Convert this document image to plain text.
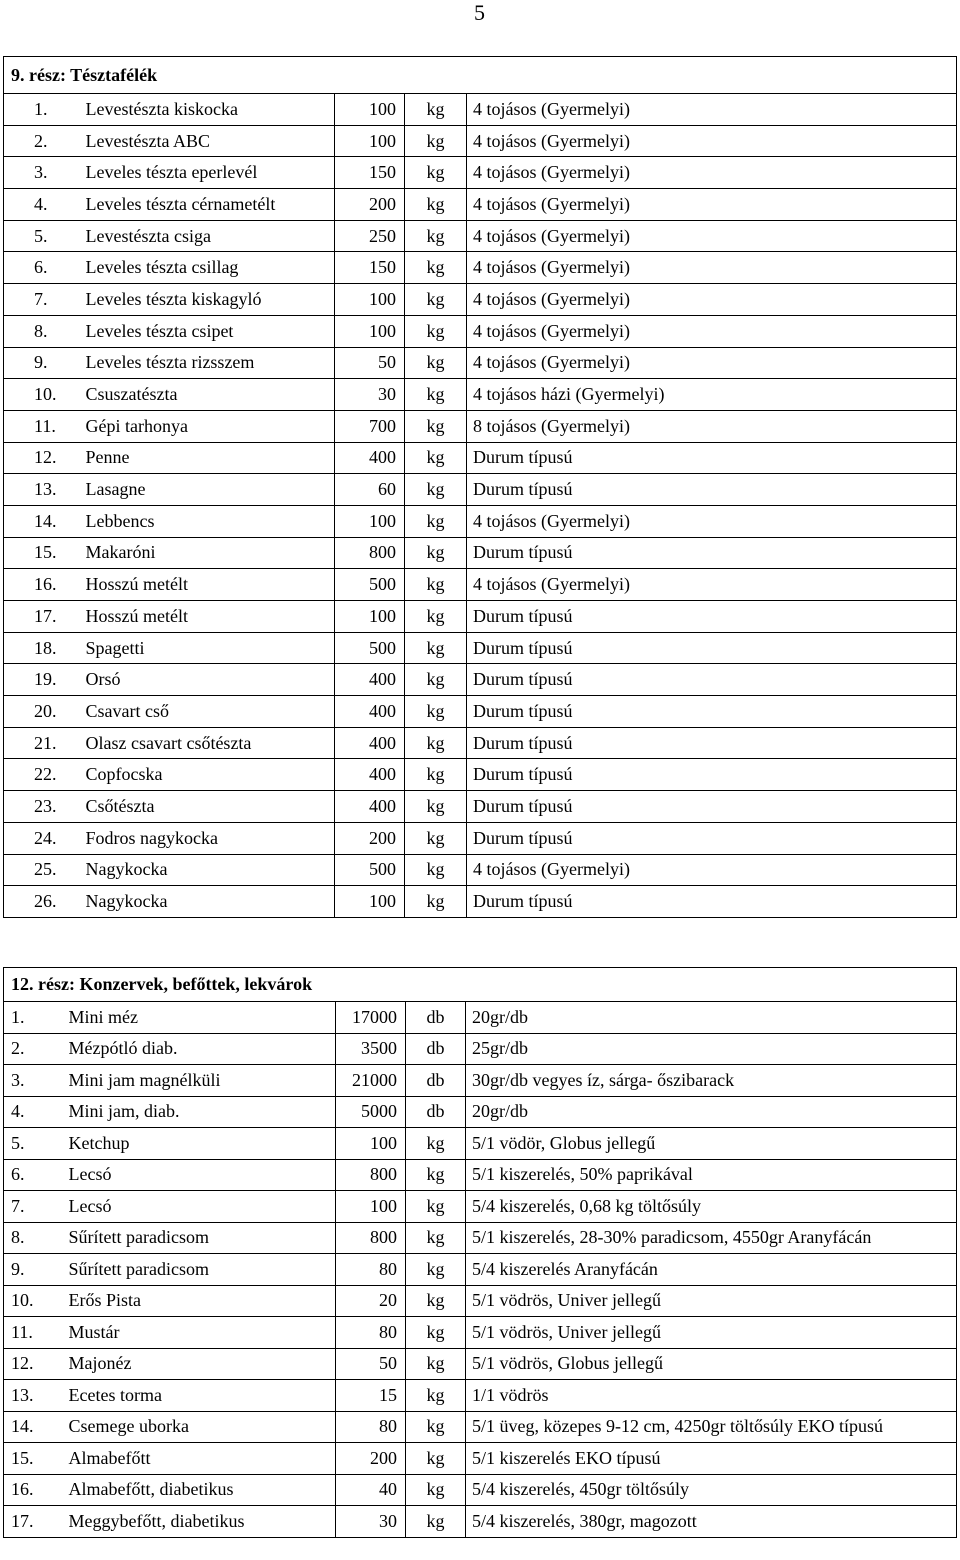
5
9. rész: Tésztafélék				
1.	Levestészta kiskocka	100	kg	4 tojásos (Gyermelyi)
2.	Levestészta ABC	100	kg	4 tojásos (Gyermelyi)
3.	Leveles tészta eperlevél	150	kg	4 tojásos (Gyermelyi)
4.	Leveles tészta cérnametélt	200	kg	4 tojásos (Gyermelyi)
5.	Levestészta csiga	250	kg	4 tojásos (Gyermelyi)
6.	Leveles tészta csillag	150	kg	4 tojásos (Gyermelyi)
7.	Leveles tészta kiskagyló	100	kg	4 tojásos (Gyermelyi)
8.	Leveles tészta csipet	100	kg	4 tojásos (Gyermelyi)
9.	Leveles tészta rizsszem	50	kg	4 tojásos (Gyermelyi)
10.	Csuszatészta	30	kg	4 tojásos házi (Gyermelyi)
11.	Gépi tarhonya	700	kg	8 tojásos (Gyermelyi)
12.	Penne	400	kg	Durum típusú
13.	Lasagne	60	kg	Durum típusú
14.	Lebbencs	100	kg	4 tojásos (Gyermelyi)
15.	Makaróni	800	kg	Durum típusú
16.	Hosszú metélt	500	kg	4 tojásos (Gyermelyi)
17.	Hosszú metélt	100	kg	Durum típusú
18.	Spagetti	500	kg	Durum típusú
19.	Orsó	400	kg	Durum típusú
20.	Csavart cső	400	kg	Durum típusú
21.	Olasz csavart csőtészta	400	kg	Durum típusú
22.	Copfocska	400	kg	Durum típusú
23.	Csőtészta	400	kg	Durum típusú
24.	Fodros nagykocka	200	kg	Durum típusú
25.	Nagykocka	500	kg	4 tojásos (Gyermelyi)
26.	Nagykocka	100	kg	Durum típusú
12. rész: Konzervek, befőttek, lekvárok				
1.	Mini méz	17000	db	20gr/db
2.	Mézpótló diab.	3500	db	25gr/db
3.	Mini jam magnélküli	21000	db	30gr/db vegyes íz, sárga- őszibarack
4.	Mini jam, diab.	5000	db	20gr/db
5.	Ketchup	100	kg	5/1 vödör, Globus jellegű
6.	Lecsó	800	kg	5/1 kiszerelés, 50% paprikával
7.	Lecsó	100	kg	5/4 kiszerelés, 0,68 kg töltősúly
8.	Sűrített paradicsom	800	kg	5/1 kiszerelés, 28-30% paradicsom, 4550gr Aranyfácán
9.	Sűrített paradicsom	80	kg	5/4 kiszerelés Aranyfácán
10.	Erős Pista	20	kg	5/1 vödrös, Univer jellegű
11.	Mustár	80	kg	5/1 vödrös, Univer jellegű
12.	Majonéz	50	kg	5/1 vödrös, Globus jellegű
13.	Ecetes torma	15	kg	1/1 vödrös
14.	Csemege uborka	80	kg	5/1 üveg, közepes 9-12 cm, 4250gr töltősúly EKO típusú
15.	Almabefőtt	200	kg	5/1 kiszerelés EKO típusú
16.	Almabefőtt, diabetikus	40	kg	5/4 kiszerelés, 450gr töltősúly
17.	Meggybefőtt, diabetikus	30	kg	5/4 kiszerelés, 380gr, magozott
